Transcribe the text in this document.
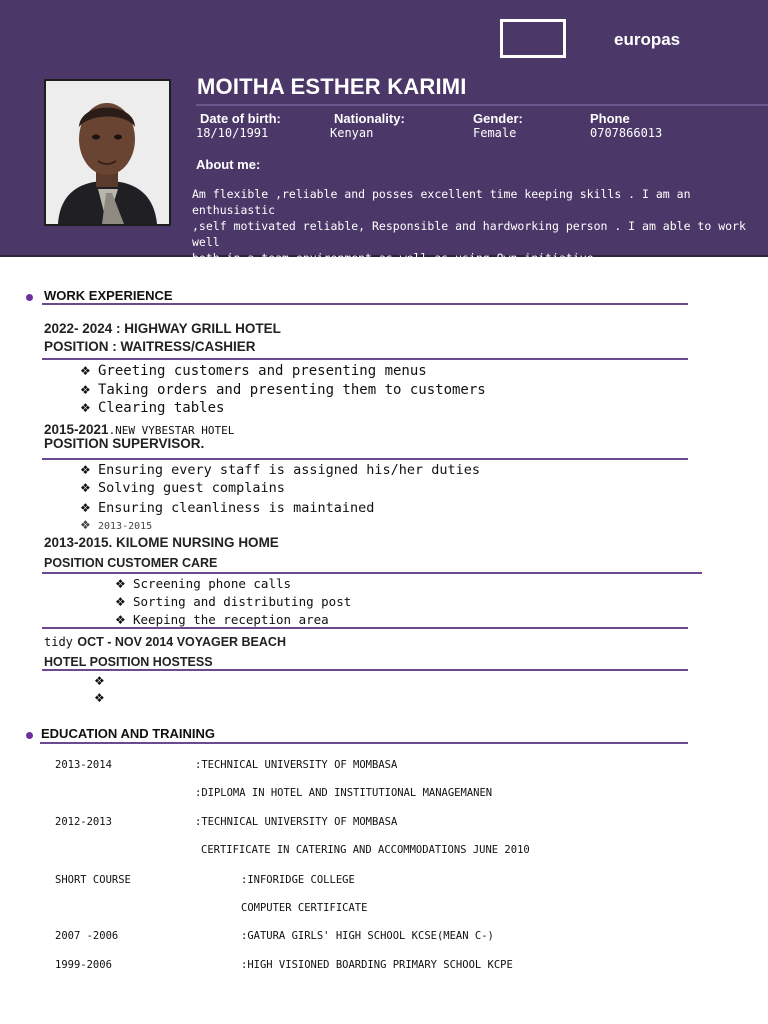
europas
MOITHA ESTHER KARIMI
Date of birth:
18/10/1991
Nationality:
Kenyan
Gender:
Female
Phone
0707866013
About me:
Am flexible ,reliable and posses excellent time keeping skills . I am an enthusiastic
,self motivated reliable, Responsible and hardworking person . I am able to work well
both in a team environment as well as using Own initiative.
WORK EXPERIENCE
2022- 2024 : HIGHWAY GRILL HOTEL
POSITION : WAITRESS/CASHIER
❖ Greeting customers and presenting menus
❖ Taking orders and presenting them to customers
❖ Clearing tables
2015-2021.NEW VYBESTAR HOTEL
POSITION SUPERVISOR.
❖ Ensuring every staff is assigned his/her duties
❖ Solving guest complains
❖ Ensuring cleanliness is maintained
❖ 2013-2015
2013-2015. KILOME NURSING HOME
POSITION CUSTOMER CARE
❖ Screening phone calls
❖ Sorting and distributing post
❖ Keeping the reception area
tidy OCT - NOV 2014 VOYAGER BEACH
HOTEL POSITION HOSTESS
❖
❖
EDUCATION AND TRAINING
2013-2014	:TECHNICAL UNIVERSITY OF MOMBASA
:DIPLOMA IN HOTEL AND INSTITUTIONAL MANAGEMANEN
2012-2013	:TECHNICAL UNIVERSITY OF MOMBASA
CERTIFICATE IN CATERING AND ACCOMMODATIONS JUNE 2010
SHORT COURSE	:INFORIDGE COLLEGE
COMPUTER CERTIFICATE
2007 -2006	:GATURA GIRLS' HIGH SCHOOL KCSE(MEAN C-)
1999-2006	:HIGH VISIONED BOARDING PRIMARY SCHOOL KCPE
